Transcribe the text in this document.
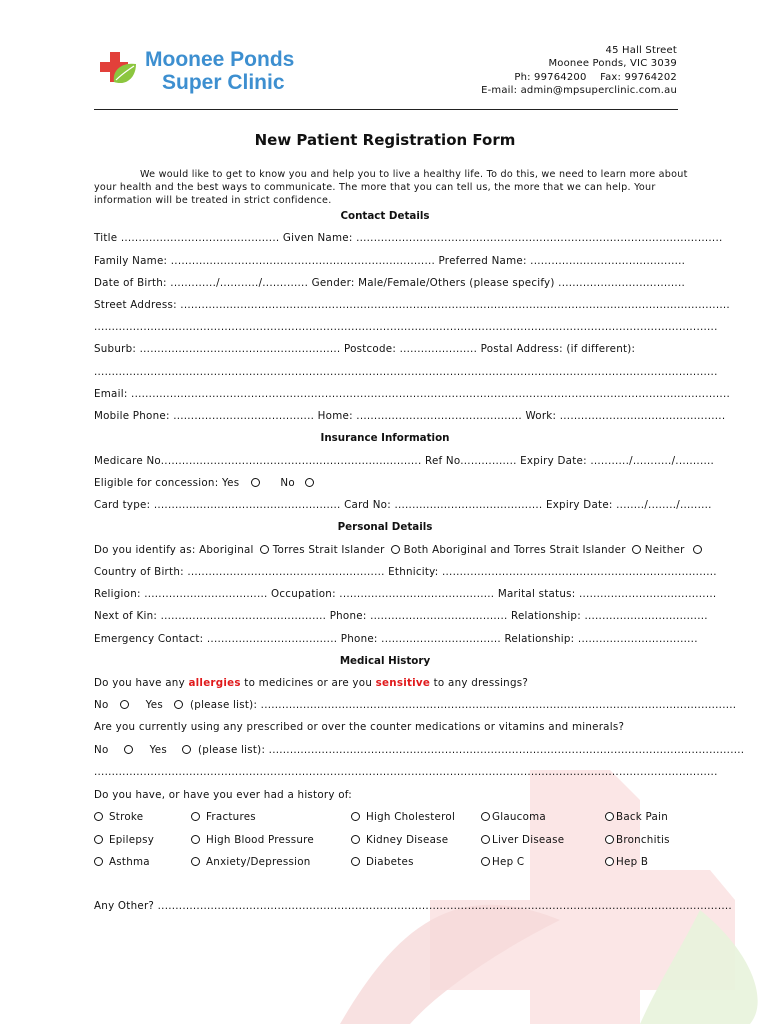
Moonee Ponds
Super Clinic
45 Hall Street
Moonee Ponds, VIC 3039
Ph: 99764200    Fax: 99764202
E-mail: admin@mpsuperclinic.com.au
New Patient Registration Form
We would like to get to know you and help you to live a healthy life. To do this, we need to learn more about
your health and the best ways to communicate. The more that you can tell us, the more that we can help. Your
information will be treated in strict confidence.
Contact Details
Title ............................................. Given Name: ........................................................................................................
Family Name: ........................................................................... Preferred Name: ............................................
Date of Birth: ............./.........../............. Gender: Male/Female/Others (please specify) ....................................
Street Address: ............................................................................................................................................................
.................................................................................................................................................................................
Suburb: ......................................................... Postcode: ...................... Postal Address: (if different):
.................................................................................................................................................................................
Email: ..........................................................................................................................................................................
Mobile Phone: ........................................ Home: ............................................... Work: ...............................................
Insurance Information
Medicare No.......................................................................... Ref No................ Expiry Date: .........../.........../...........
Eligible for concession: Yes	No
Card type: ..................................................... Card No: .......................................... Expiry Date: ......../......../.........
Personal Details
Do you identify as: Aboriginal Torres Strait Islander Both Aboriginal and Torres Strait Islander Neither
Country of Birth: ........................................................ Ethnicity: ..............................................................................
Religion: ................................... Occupation: ............................................ Marital status: .......................................
Next of Kin: ............................................... Phone: ....................................... Relationship: ...................................
Emergency Contact: ..................................... Phone: .................................. Relationship: ..................................
Medical History
Do you have any allergies to medicines or are you sensitive to any dressings?
No	Yes	(please list): .......................................................................................................................................
Are you currently using any prescribed or over the counter medications or vitamins and minerals?
No	Yes	(please list): .......................................................................................................................................
.................................................................................................................................................................................
Do you have, or have you ever had a history of:
Stroke	Fractures	High Cholesterol	Glaucoma	Back Pain
Epilepsy	High Blood Pressure	Kidney Disease	Liver Disease	Bronchitis
Asthma	Anxiety/Depression	Diabetes	Hep C	Hep B
Any Other? ...................................................................................................................................................................
